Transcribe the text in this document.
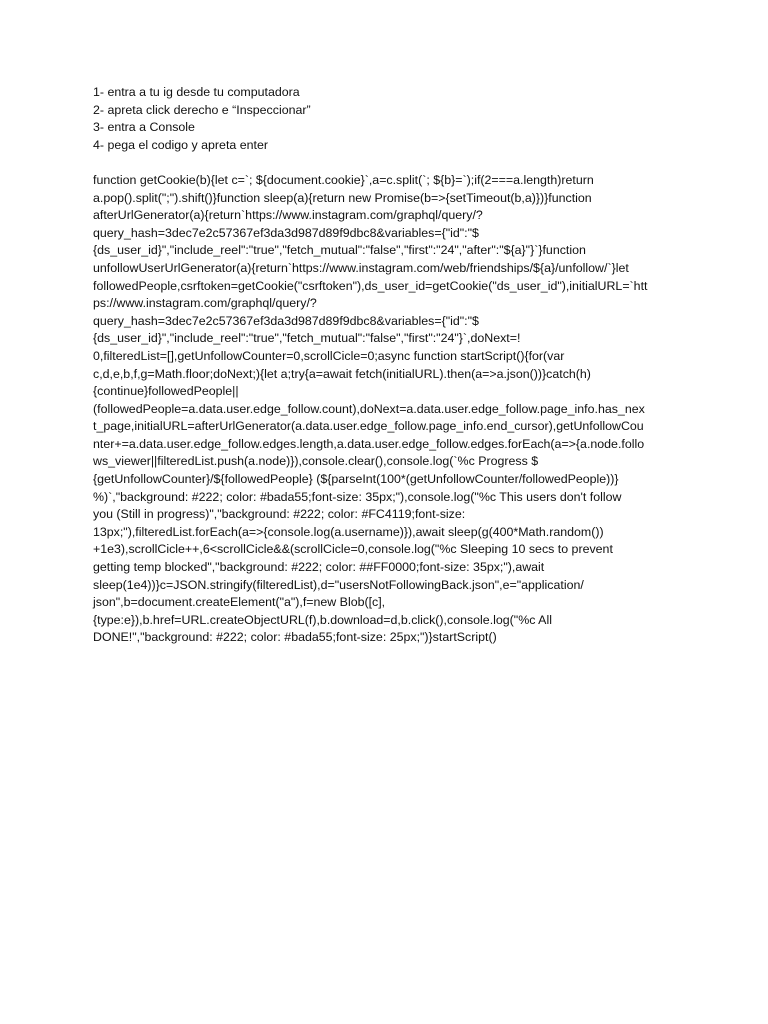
1- entra a tu ig desde tu computadora
2- apreta click derecho e “Inspeccionar”
3- entra a Console
4- pega el codigo y apreta enter
function getCookie(b){let c=`; ${document.cookie}`,a=c.split(`; ${b}=`);if(2===a.length)return
a.pop().split(";").shift()}function sleep(a){return new Promise(b=>{setTimeout(b,a)})}function
afterUrlGenerator(a){return`https://www.instagram.com/graphql/query/?
query_hash=3dec7e2c57367ef3da3d987d89f9dbc8&variables={"id":"$
{ds_user_id}","include_reel":"true","fetch_mutual":"false","first":"24","after":"${a}"}`}function
unfollowUserUrlGenerator(a){return`https://www.instagram.com/web/friendships/${a}/unfollow/`}let
followedPeople,csrftoken=getCookie("csrftoken"),ds_user_id=getCookie("ds_user_id"),initialURL=`htt
ps://www.instagram.com/graphql/query/?
query_hash=3dec7e2c57367ef3da3d987d89f9dbc8&variables={"id":"$
{ds_user_id}","include_reel":"true","fetch_mutual":"false","first":"24"}`,doNext=!
0,filteredList=[],getUnfollowCounter=0,scrollCicle=0;async function startScript(){for(var
c,d,e,b,f,g=Math.floor;doNext;){let a;try{a=await fetch(initialURL).then(a=>a.json())}catch(h)
{continue}followedPeople||
(followedPeople=a.data.user.edge_follow.count),doNext=a.data.user.edge_follow.page_info.has_nex
t_page,initialURL=afterUrlGenerator(a.data.user.edge_follow.page_info.end_cursor),getUnfollowCou
nter+=a.data.user.edge_follow.edges.length,a.data.user.edge_follow.edges.forEach(a=>{a.node.follo
ws_viewer||filteredList.push(a.node)}),console.clear(),console.log(`%c Progress $
{getUnfollowCounter}/${followedPeople} (${parseInt(100*(getUnfollowCounter/followedPeople))}
%)`,"background: #222; color: #bada55;font-size: 35px;"),console.log("%c This users don't follow
you (Still in progress)","background: #222; color: #FC4119;font-size:
13px;"),filteredList.forEach(a=>{console.log(a.username)}),await sleep(g(400*Math.random())
+1e3),scrollCicle++,6<scrollCicle&&(scrollCicle=0,console.log("%c Sleeping 10 secs to prevent
getting temp blocked","background: #222; color: ##FF0000;font-size: 35px;"),await
sleep(1e4))}c=JSON.stringify(filteredList),d="usersNotFollowingBack.json",e="application/
json",b=document.createElement("a"),f=new Blob([c],
{type:e}),b.href=URL.createObjectURL(f),b.download=d,b.click(),console.log("%c All
DONE!","background: #222; color: #bada55;font-size: 25px;")}startScript()
